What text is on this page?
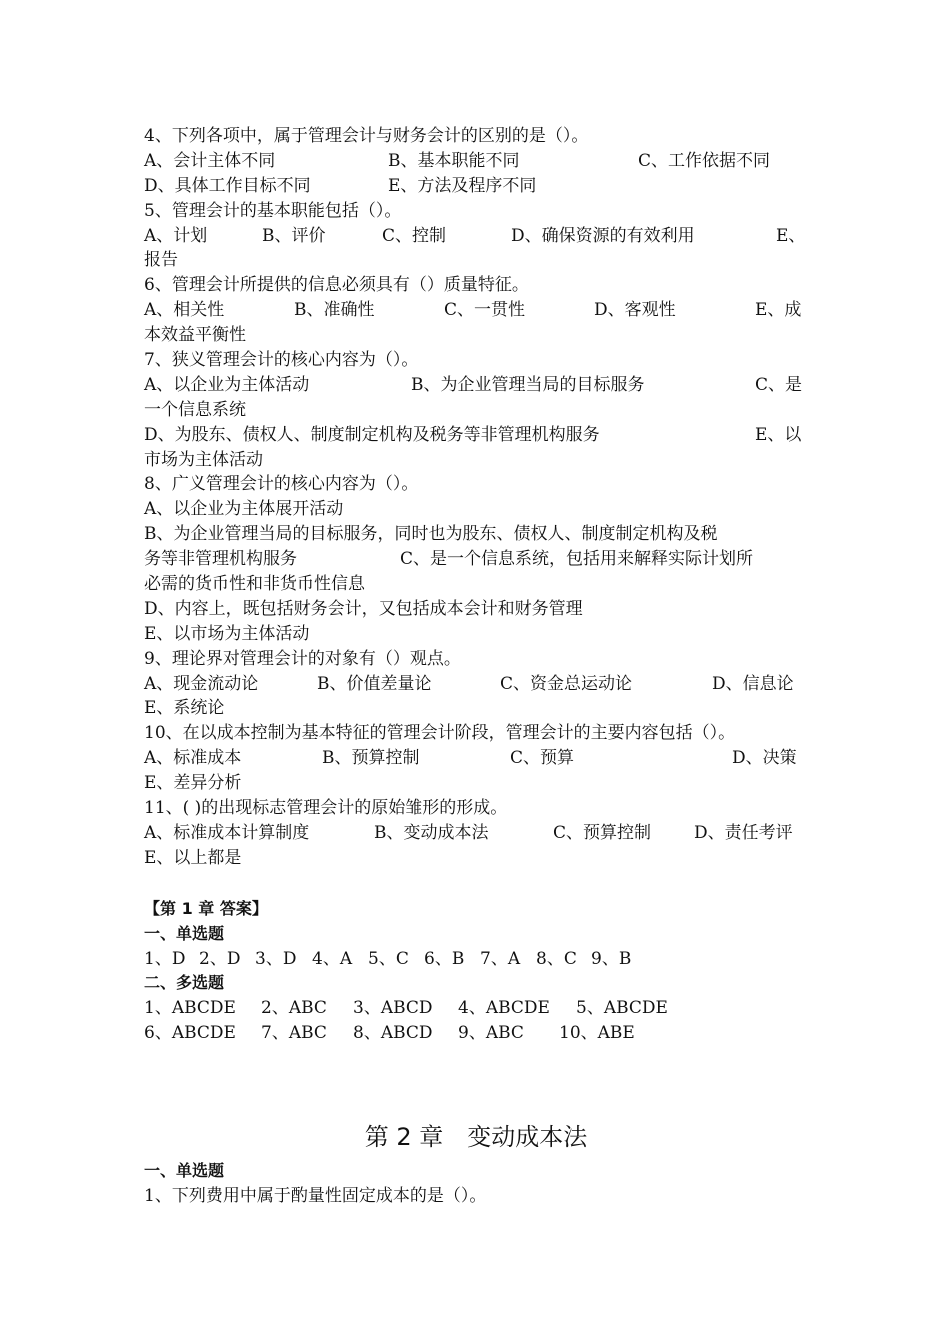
4、下列各项中，属于管理会计与财务会计的区别的是（）。
A、会计主体不同	B、基本职能不同	C、工作依据不同
D、具体工作目标不同	E、方法及程序不同
5、管理会计的基本职能包括（）。
A、计划	B、评价	C、控制	D、确保资源的有效利用	E、
报告
6、管理会计所提供的信息必须具有（）质量特征。
A、相关性	B、准确性	C、一贯性	D、客观性	E、成
本效益平衡性
7、狭义管理会计的核心内容为（）。
A、以企业为主体活动	B、为企业管理当局的目标服务	C、是
一个信息系统
D、为股东、债权人、制度制定机构及税务等非管理机构服务	E、以
市场为主体活动
8、广义管理会计的核心内容为（）。
A、以企业为主体展开活动
B、为企业管理当局的目标服务，同时也为股东、债权人、制度制定机构及税
务等非管理机构服务	C、是一个信息系统，包括用来解释实际计划所
必需的货币性和非货币性信息
D、内容上，既包括财务会计，又包括成本会计和财务管理
E、以市场为主体活动
9、理论界对管理会计的对象有（）观点。
A、现金流动论	B、价值差量论	C、资金总运动论	D、信息论
E、系统论
10、在以成本控制为基本特征的管理会计阶段，管理会计的主要内容包括（）。
A、标准成本	B、预算控制	C、预算	D、决策
E、差异分析
11、( )的出现标志管理会计的原始雏形的形成。
A、标准成本计算制度	B、变动成本法	C、预算控制	D、责任考评
E、以上都是
【第 1 章 答案】
一、单选题
1、D 2、D 3、D 4、A 5、C 6、B 7、A 8、C 9、B
二、多选题
1、ABCDE 2、ABC 3、ABCD 4、ABCDE 5、ABCDE
6、ABCDE 7、ABC 8、ABCD 9、ABC 10、ABE
第 2 章　变动成本法
一、单选题
1、下列费用中属于酌量性固定成本的是（）。
